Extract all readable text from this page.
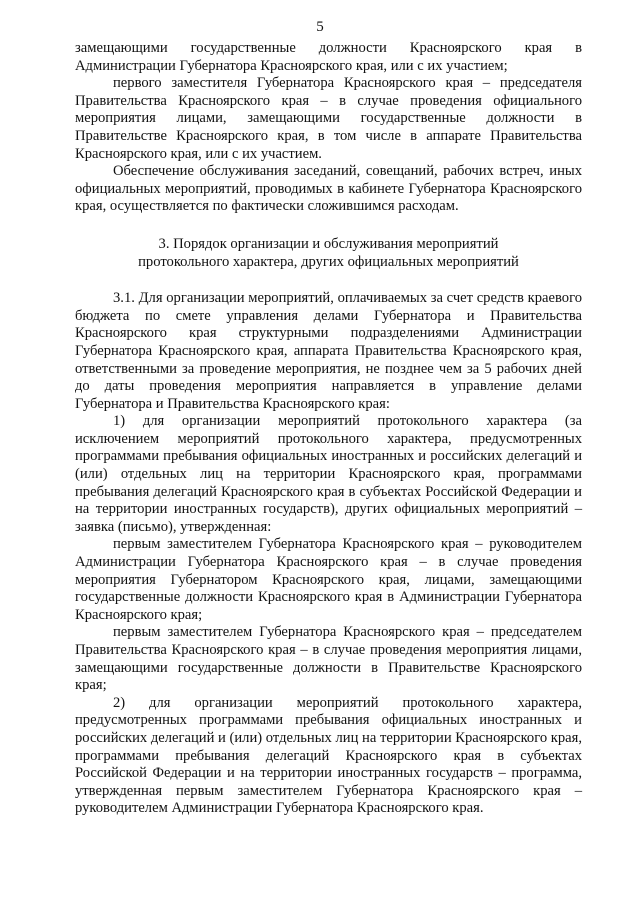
5

замещающими государственные должности Красноярского края в Администрации Губернатора Красноярского края, или с их участием;

первого заместителя Губернатора Красноярского края – председателя Правительства Красноярского края – в случае проведения официального мероприятия лицами, замещающими государственные должности в Правительстве Красноярского края, в том числе в аппарате Правительства Красноярского края, или с их участием.

Обеспечение обслуживания заседаний, совещаний, рабочих встреч, иных официальных мероприятий, проводимых в кабинете Губернатора Красноярского края, осуществляется по фактически сложившимся расходам.

3. Порядок организации и обслуживания мероприятий
протокольного характера, других официальных мероприятий

3.1. Для организации мероприятий, оплачиваемых за счет средств краевого бюджета по смете управления делами Губернатора и Правительства Красноярского края структурными подразделениями Администрации Губернатора Красноярского края, аппарата Правительства Красноярского края, ответственными за проведение мероприятия, не позднее чем за 5 рабочих дней до даты проведения мероприятия направляется в управление делами Губернатора и Правительства Красноярского края:

1) для организации мероприятий протокольного характера (за исключением мероприятий протокольного характера, предусмотренных программами пребывания официальных иностранных и российских делегаций и (или) отдельных лиц на территории Красноярского края, программами пребывания делегаций Красноярского края в субъектах Российской Федерации и на территории иностранных государств), других официальных мероприятий – заявка (письмо), утвержденная:

первым заместителем Губернатора Красноярского края – руководителем Администрации Губернатора Красноярского края – в случае проведения мероприятия Губернатором Красноярского края, лицами, замещающими государственные должности Красноярского края в Администрации Губернатора Красноярского края;

первым заместителем Губернатора Красноярского края – председателем Правительства Красноярского края – в случае проведения мероприятия лицами, замещающими государственные должности в Правительстве Красноярского края;

2) для организации мероприятий протокольного характера, предусмотренных программами пребывания официальных иностранных и российских делегаций и (или) отдельных лиц на территории Красноярского края, программами пребывания делегаций Красноярского края в субъектах Российской Федерации и на территории иностранных государств – программа, утвержденная первым заместителем Губернатора Красноярского края – руководителем Администрации Губернатора Красноярского края.
